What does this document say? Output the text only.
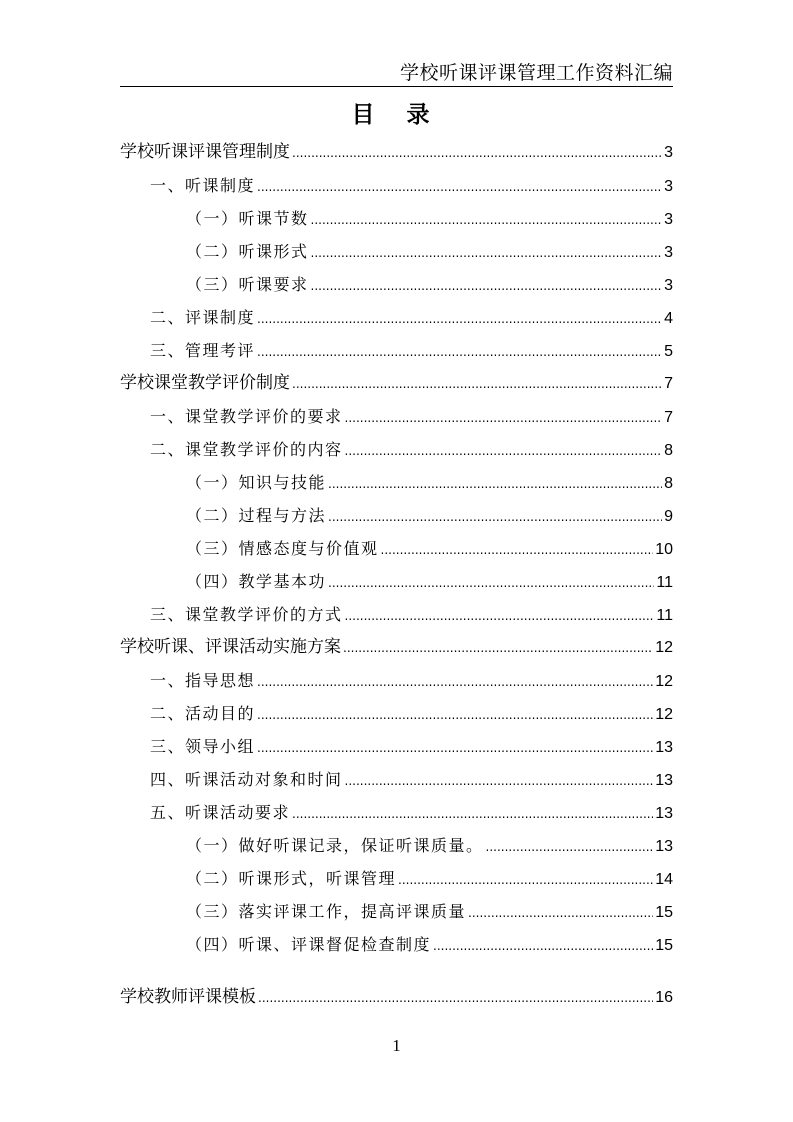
学校听课评课管理工作资料汇编
目 录
学校听课评课管理制度 .....	3
一、听课制度 .....	3
（一）听课节数 .....	3
（二）听课形式 .....	3
（三）听课要求 .....	3
二、评课制度 .....	4
三、管理考评 .....	5
学校课堂教学评价制度 .....	7
一、课堂教学评价的要求 .....	7
二、课堂教学评价的内容 .....	8
（一）知识与技能 .....	8
（二）过程与方法 .....	9
（三）情感态度与价值观 .....	10
（四）教学基本功 .....	11
三、课堂教学评价的方式 .....	11
学校听课、评课活动实施方案 .....	12
一、指导思想 .....	12
二、活动目的 .....	12
三、领导小组 .....	13
四、听课活动对象和时间 .....	13
五、听课活动要求 .....	13
（一）做好听课记录，保证听课质量。 .....	13
（二）听课形式，听课管理 .....	14
（三）落实评课工作，提高评课质量 .....	15
（四）听课、评课督促检查制度 .....	15
学校教师评课模板 .....	16
1
